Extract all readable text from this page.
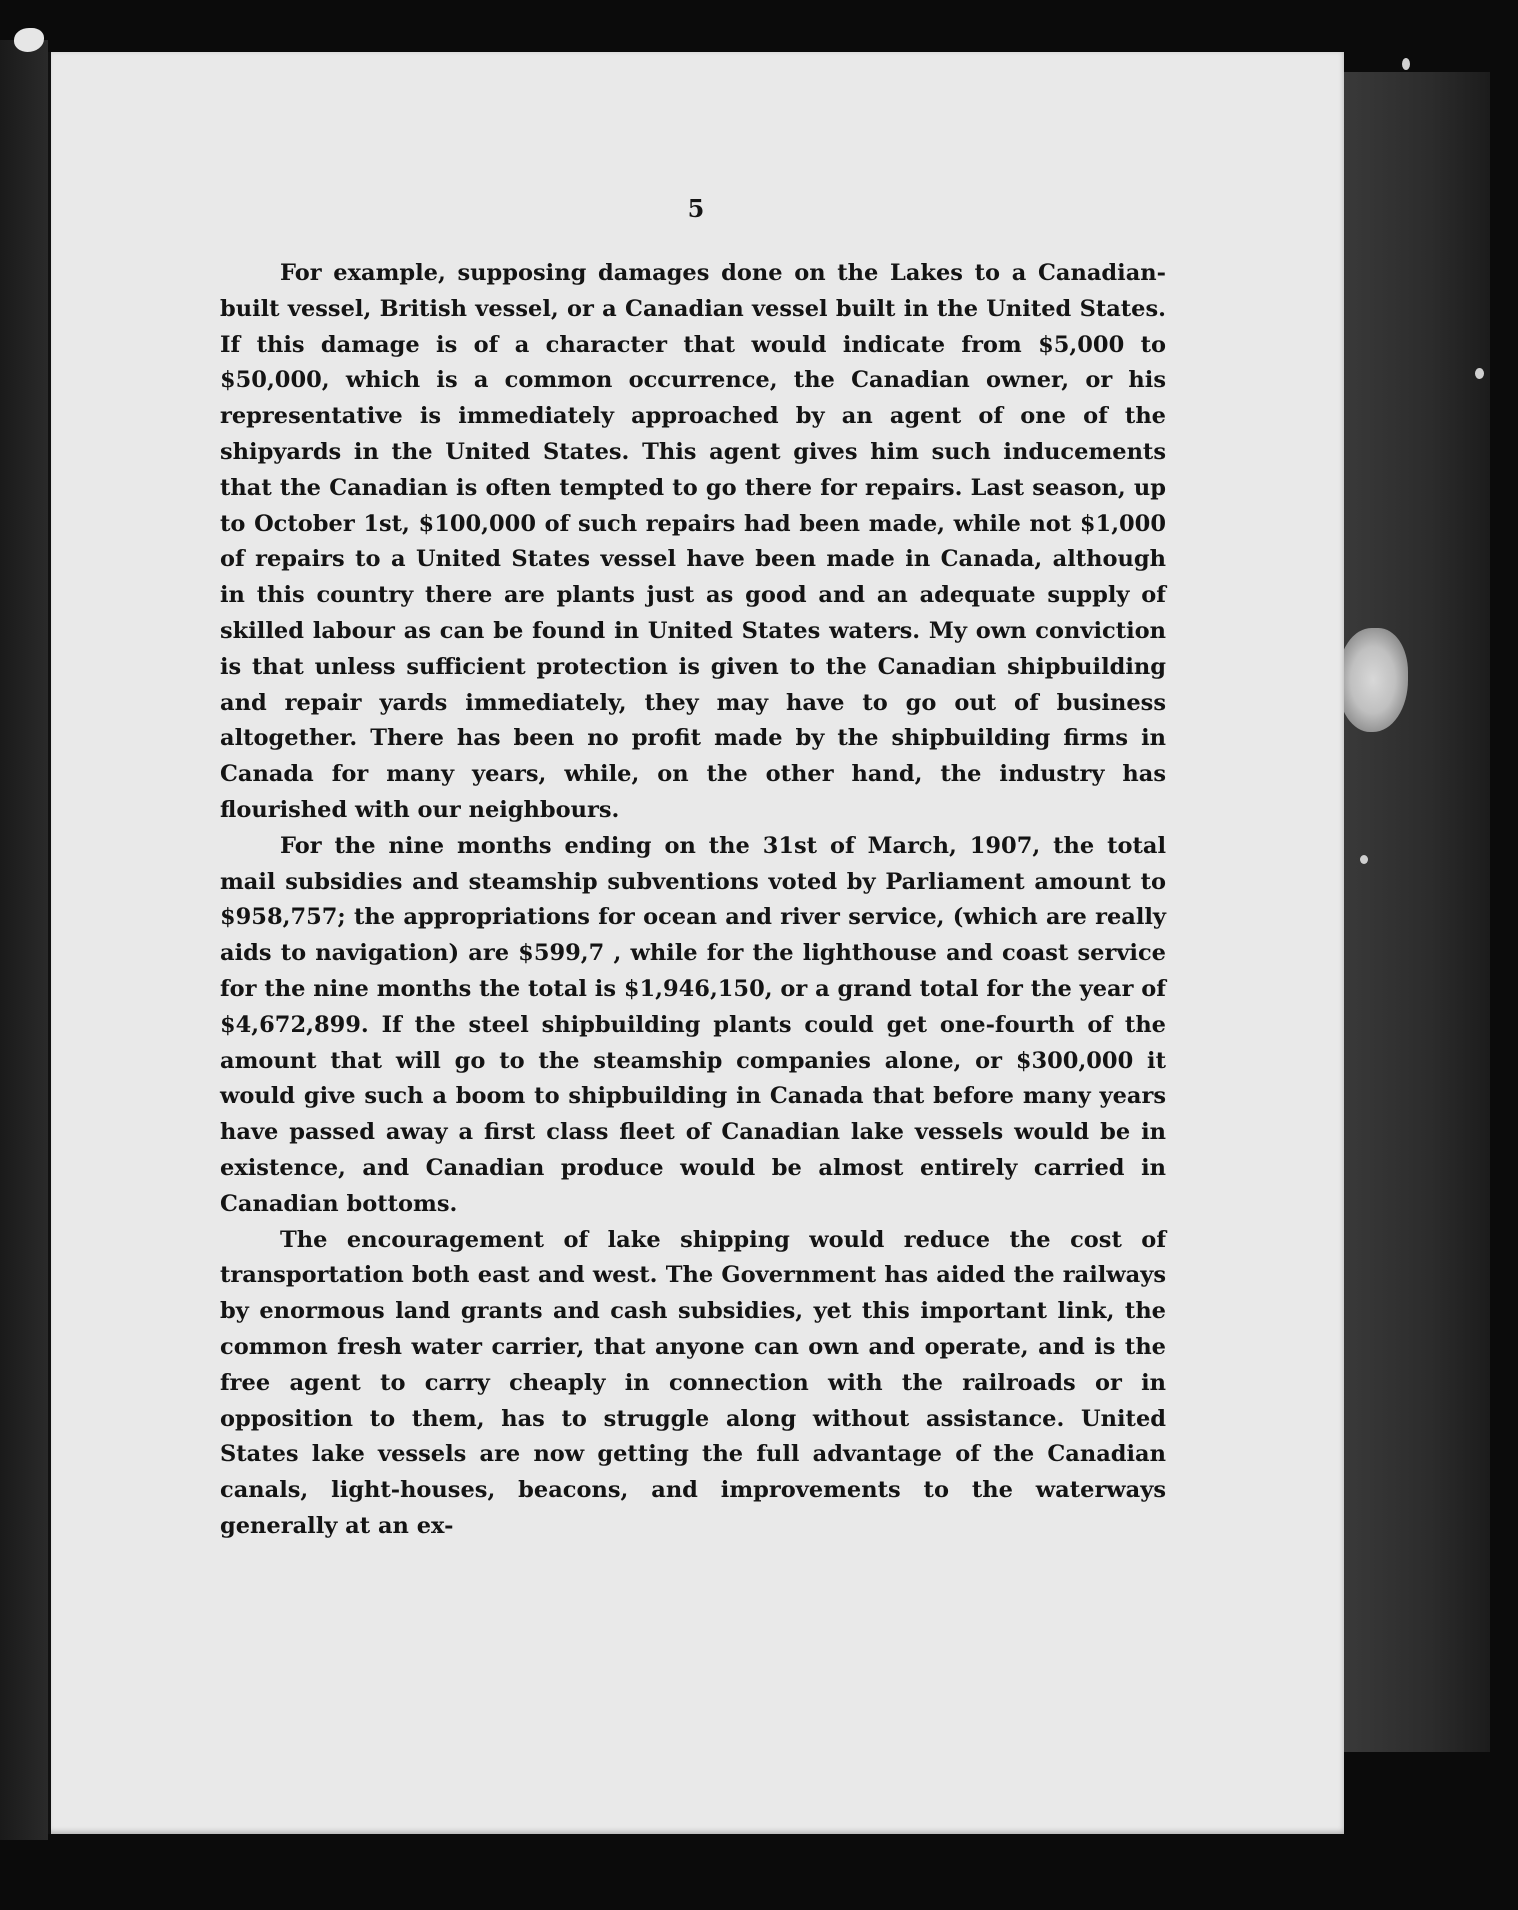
5

For example, supposing damages done on the Lakes to a Canadian-built vessel, British vessel, or a Canadian vessel built in the United States. If this damage is of a character that would indicate from $5,000 to $50,000, which is a common occurrence, the Canadian owner, or his representative is immediately approached by an agent of one of the shipyards in the United States. This agent gives him such inducements that the Canadian is often tempted to go there for repairs. Last season, up to October 1st, $100,000 of such repairs had been made, while not $1,000 of repairs to a United States vessel have been made in Canada, although in this country there are plants just as good and an adequate supply of skilled labour as can be found in United States waters. My own conviction is that unless sufficient protection is given to the Canadian shipbuilding and repair yards immediately, they may have to go out of business altogether. There has been no profit made by the shipbuilding firms in Canada for many years, while, on the other hand, the industry has flourished with our neighbours.

For the nine months ending on the 31st of March, 1907, the total mail subsidies and steamship subventions voted by Parliament amount to $958,757; the appropriations for ocean and river service, (which are really aids to navigation) are $599,7 , while for the lighthouse and coast service for the nine months the total is $1,946,150, or a grand total for the year of $4,672,899. If the steel shipbuilding plants could get one-fourth of the amount that will go to the steamship companies alone, or $300,000 it would give such a boom to shipbuilding in Canada that before many years have passed away a first class fleet of Canadian lake vessels would be in existence, and Canadian produce would be almost entirely carried in Canadian bottoms.

The encouragement of lake shipping would reduce the cost of transportation both east and west. The Government has aided the railways by enormous land grants and cash subsidies, yet this important link, the common fresh water carrier, that anyone can own and operate, and is the free agent to carry cheaply in connection with the railroads or in opposition to them, has to struggle along without assistance. United States lake vessels are now getting the full advantage of the Canadian canals, light-houses, beacons, and improvements to the waterways generally at an ex-
